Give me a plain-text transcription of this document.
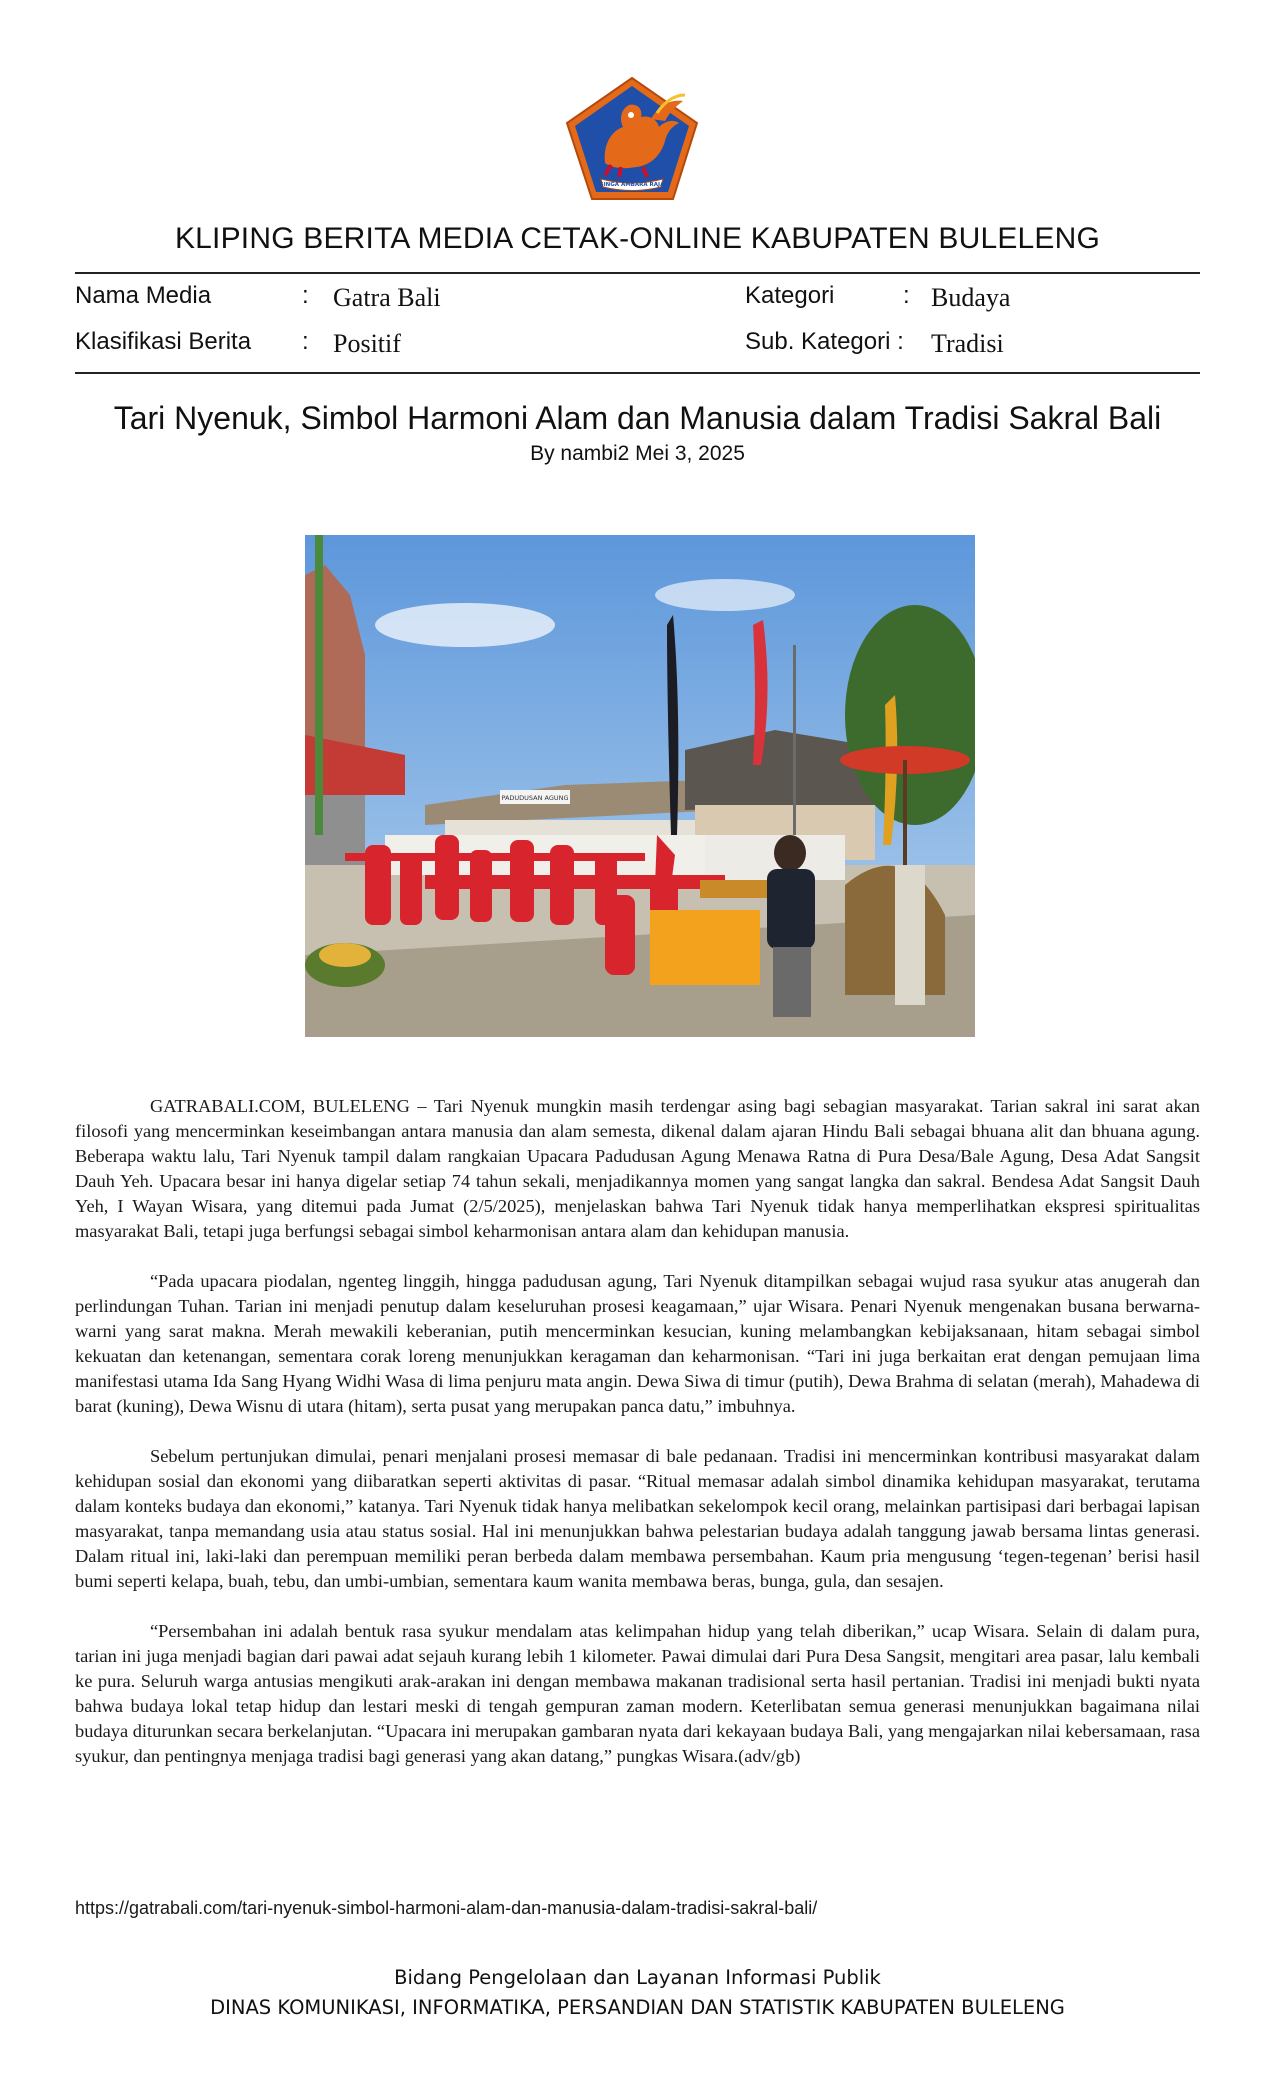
SINGA AMBARA RAJA
KLIPING BERITA MEDIA CETAK-ONLINE KABUPATEN BULELENG
Nama Media	: Gatra Bali
Klasifikasi Berita : Positif
Kategori	: Budaya
Sub. Kategori : Tradisi
Tari Nyenuk, Simbol Harmoni Alam dan Manusia dalam Tradisi Sakral Bali
By nambi2 Mei 3, 2025
PADUDUSAN AGUNG

GATRABALI.COM, BULELENG – Tari Nyenuk mungkin masih terdengar asing bagi sebagian masyarakat. Tarian sakral ini sarat akan filosofi yang mencerminkan keseimbangan antara manusia dan alam semesta, dikenal dalam ajaran Hindu Bali sebagai bhuana alit dan bhuana agung. Beberapa waktu lalu, Tari Nyenuk tampil dalam rangkaian Upacara Padudusan Agung Menawa Ratna di Pura Desa/Bale Agung, Desa Adat Sangsit Dauh Yeh. Upacara besar ini hanya digelar setiap 74 tahun sekali, menjadikannya momen yang sangat langka dan sakral. Bendesa Adat Sangsit Dauh Yeh, I Wayan Wisara, yang ditemui pada Jumat (2/5/2025), menjelaskan bahwa Tari Nyenuk tidak hanya memperlihatkan ekspresi spiritualitas masyarakat Bali, tetapi juga berfungsi sebagai simbol keharmonisan antara alam dan kehidupan manusia.

“Pada upacara piodalan, ngenteg linggih, hingga padudusan agung, Tari Nyenuk ditampilkan sebagai wujud rasa syukur atas anugerah dan perlindungan Tuhan. Tarian ini menjadi penutup dalam keseluruhan prosesi keagamaan,” ujar Wisara. Penari Nyenuk mengenakan busana berwarna-warni yang sarat makna. Merah mewakili keberanian, putih mencerminkan kesucian, kuning melambangkan kebijaksanaan, hitam sebagai simbol kekuatan dan ketenangan, sementara corak loreng menunjukkan keragaman dan keharmonisan. “Tari ini juga berkaitan erat dengan pemujaan lima manifestasi utama Ida Sang Hyang Widhi Wasa di lima penjuru mata angin. Dewa Siwa di timur (putih), Dewa Brahma di selatan (merah), Mahadewa di barat (kuning), Dewa Wisnu di utara (hitam), serta pusat yang merupakan panca datu,” imbuhnya.

Sebelum pertunjukan dimulai, penari menjalani prosesi memasar di bale pedanaan. Tradisi ini mencerminkan kontribusi masyarakat dalam kehidupan sosial dan ekonomi yang diibaratkan seperti aktivitas di pasar. “Ritual memasar adalah simbol dinamika kehidupan masyarakat, terutama dalam konteks budaya dan ekonomi,” katanya. Tari Nyenuk tidak hanya melibatkan sekelompok kecil orang, melainkan partisipasi dari berbagai lapisan masyarakat, tanpa memandang usia atau status sosial. Hal ini menunjukkan bahwa pelestarian budaya adalah tanggung jawab bersama lintas generasi. Dalam ritual ini, laki-laki dan perempuan memiliki peran berbeda dalam membawa persembahan. Kaum pria mengusung ‘tegen-tegenan’ berisi hasil bumi seperti kelapa, buah, tebu, dan umbi-umbian, sementara kaum wanita membawa beras, bunga, gula, dan sesajen.

“Persembahan ini adalah bentuk rasa syukur mendalam atas kelimpahan hidup yang telah diberikan,” ucap Wisara. Selain di dalam pura, tarian ini juga menjadi bagian dari pawai adat sejauh kurang lebih 1 kilometer. Pawai dimulai dari Pura Desa Sangsit, mengitari area pasar, lalu kembali ke pura. Seluruh warga antusias mengikuti arak-arakan ini dengan membawa makanan tradisional serta hasil pertanian. Tradisi ini menjadi bukti nyata bahwa budaya lokal tetap hidup dan lestari meski di tengah gempuran zaman modern. Keterlibatan semua generasi menunjukkan bagaimana nilai budaya diturunkan secara berkelanjutan. “Upacara ini merupakan gambaran nyata dari kekayaan budaya Bali, yang mengajarkan nilai kebersamaan, rasa syukur, dan pentingnya menjaga tradisi bagi generasi yang akan datang,” pungkas Wisara.(adv/gb)

https://gatrabali.com/tari-nyenuk-simbol-harmoni-alam-dan-manusia-dalam-tradisi-sakral-bali/
Bidang Pengelolaan dan Layanan Informasi Publik
DINAS KOMUNIKASI, INFORMATIKA, PERSANDIAN DAN STATISTIK KABUPATEN BULELENG
